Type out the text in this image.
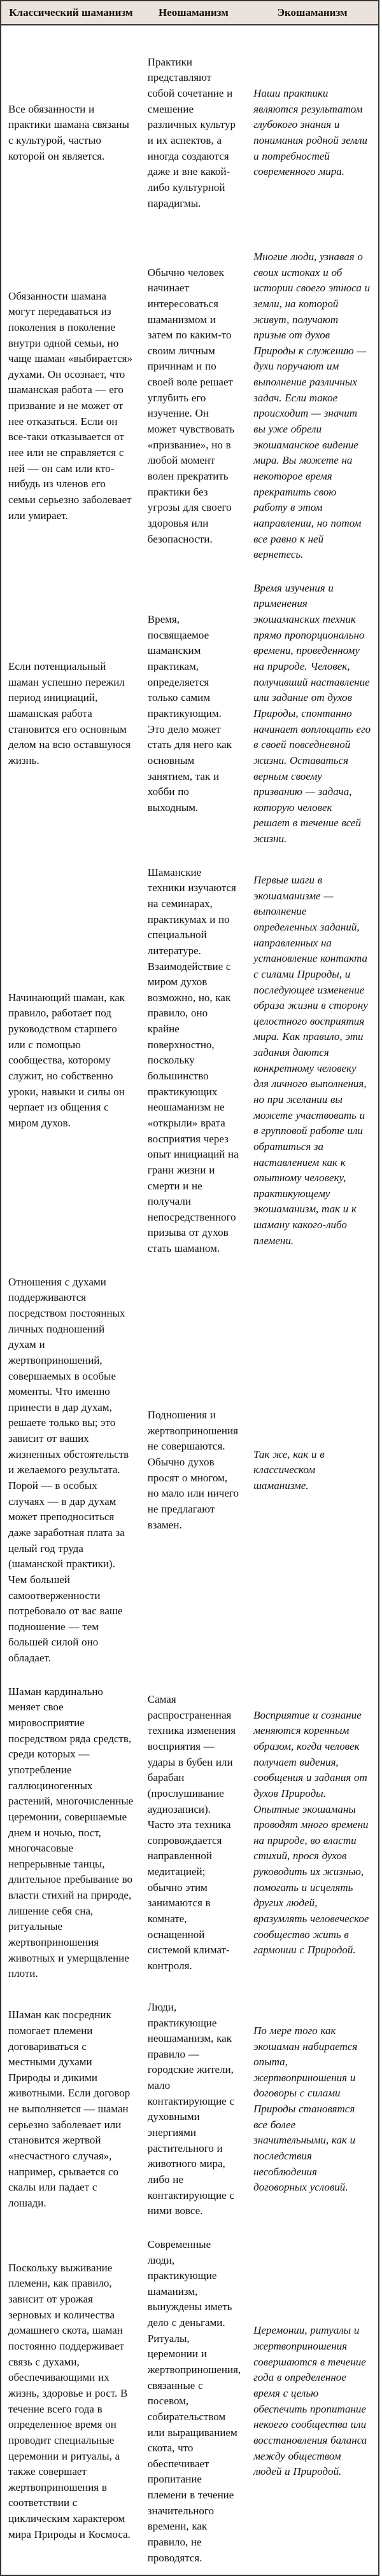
Классический шаманизм	Неошаманизм	Экошаманизм
Все обязанности и практики шамана связаны с культурой, частью которой он является.	Практики представляют собой сочетание и смешение различных культур и их аспектов, а иногда создаются даже и вне какой-либо культурной парадигмы.	Наши практики являются результатом глубокого знания и понимания родной земли и потребностей современного мира.
Обязанности шамана могут передаваться из поколения в поколение внутри одной семьи, но чаще шаман «выбирается» духами. Он осознает, что шаманская работа — его призвание и не может от нее отказаться. Если он все-таки отказывается от нее или не справляется с ней — он сам или кто-нибудь из членов его семьи серьезно заболевает или умирает.	Обычно человек начинает интересоваться шаманизмом и затем по каким-то своим личным причинам и по своей воле решает углубить его изучение. Он может чувствовать «призвание», но в любой момент волен прекратить практики без угрозы для своего здоровья или безопасности.	Многие люди, узнавая о своих истоках и об истории своего этноса и земли, на которой живут, получают призыв от духов Природы к служению — духи поручают им выполнение различных задач. Если такое происходит — значит вы уже обрели экошаманское видение мира. Вы можете на некоторое время прекратить свою работу в этом направлении, но потом все равно к ней вернетесь.
Если потенциальный шаман успешно пережил период инициаций, шаманская работа становится его основным делом на всю оставшуюся жизнь.	Время, посвящаемое шаманским практикам, определяется только самим практикующим. Это дело может стать для него как основным занятием, так и хобби по выходным.	Время изучения и применения экошаманских техник прямо пропорционально времени, проведенному на природе. Человек, получивший наставление или задание от духов Природы, спонтанно начинает воплощать его в своей повседневной жизни. Оставаться верным своему призванию — задача, которую человек решает в течение всей жизни.
Начинающий шаман, как правило, работает под руководством старшего или с помощью сообщества, которому служит, но собственно уроки, навыки и силы он черпает из общения с миром духов.	Шаманские техники изучаются на семинарах, практикумах и по специальной литературе. Взаимодействие с миром духов возможно, но, как правило, оно крайне поверхностно, поскольку большинство практикующих неошаманизм не «открыли» врата восприятия через опыт инициаций на грани жизни и смерти и не получали непосредственного призыва от духов стать шаманом.	Первые шаги в экошаманизме — выполнение определенных заданий, направленных на установление контакта с силами Природы, и последующее изменение образа жизни в сторону целостного восприятия мира. Как правило, эти задания даются конкретному человеку для личного выполнения, но при желании вы можете участвовать и в групповой работе или обратиться за наставлением как к опытному человеку, практикующему экошаманизм, так и к шаману какого-либо племени.
Отношения с духами поддерживаются посредством постоянных личных подношений духам и жертвоприношений, совершаемых в особые моменты. Что именно принести в дар духам, решаете только вы; это зависит от ваших жизненных обстоятельств и желаемого результата. Порой — в особых случаях — в дар духам может преподноситься даже заработная плата за целый год труда (шаманской практики). Чем большей самоотверженности потребовало от вас ваше подношение — тем большей силой оно обладает.	Подношения и жертвоприношения не совершаются. Обычно духов просят о многом, но мало или ничего не предлагают взамен.	Так же, как и в классическом шаманизме.
Шаман кардинально меняет свое мировосприятие посредством ряда средств, среди которых — употребление галлюциногенных растений, многочисленные церемонии, совершаемые днем и ночью, пост, многочасовые непрерывные танцы, длительное пребывание во власти стихий на природе, лишение себя сна, ритуальные жертвоприношения животных и умерщвление плоти.	Самая распространенная техника изменения восприятия — удары в бубен или барабан (прослушивание аудиозаписи). Часто эта техника сопровождается направленной медитацией; обычно этим занимаются в комнате, оснащенной системой климат-контроля.	Восприятие и сознание меняются коренным образом, когда человек получает видения, сообщения и задания от духов Природы. Опытные экошаманы проводят много времени на природе, во власти стихий, прося духов руководить их жизнью, помогать и исцелять других людей, вразумлять человеческое сообщество жить в гармонии с Природой.
Шаман как посредник помогает племени договариваться с местными духами Природы и дикими животными. Если договор не выполняется — шаман серьезно заболевает или становится жертвой «несчастного случая», например, срывается со скалы или падает с лошади.	Люди, практикующие неошаманизм, как правило — городские жители, мало контактирующие с духовными энергиями растительного и животного мира, либо не контактирующие с ними вовсе.	По мере того как экошаман набирается опыта, жертвоприношения и договоры с силами Природы становятся все более значительными, как и последствия несоблюдения договорных условий.
Поскольку выживание племени, как правило, зависит от урожая зерновых и количества домашнего скота, шаман постоянно поддерживает связь с духами, обеспечивающими их жизнь, здоровье и рост. В течение всего года в определенное время он проводит специальные церемонии и ритуалы, а также совершает жертвоприношения в соответствии с циклическим характером мира Природы и Космоса.	Современные люди, практикующие шаманизм, вынуждены иметь дело с деньгами. Ритуалы, церемонии и жертвоприношения, связанные с посевом, собирательством или выращиванием скота, что обеспечивает пропитание племени в течение значительного времени, как правило, не проводятся.	Церемонии, ритуалы и жертвоприношения совершаются в течение года в определенное время с целью обеспечить пропитание некоего сообщества или восстановления баланса между обществом людей и Природой.
